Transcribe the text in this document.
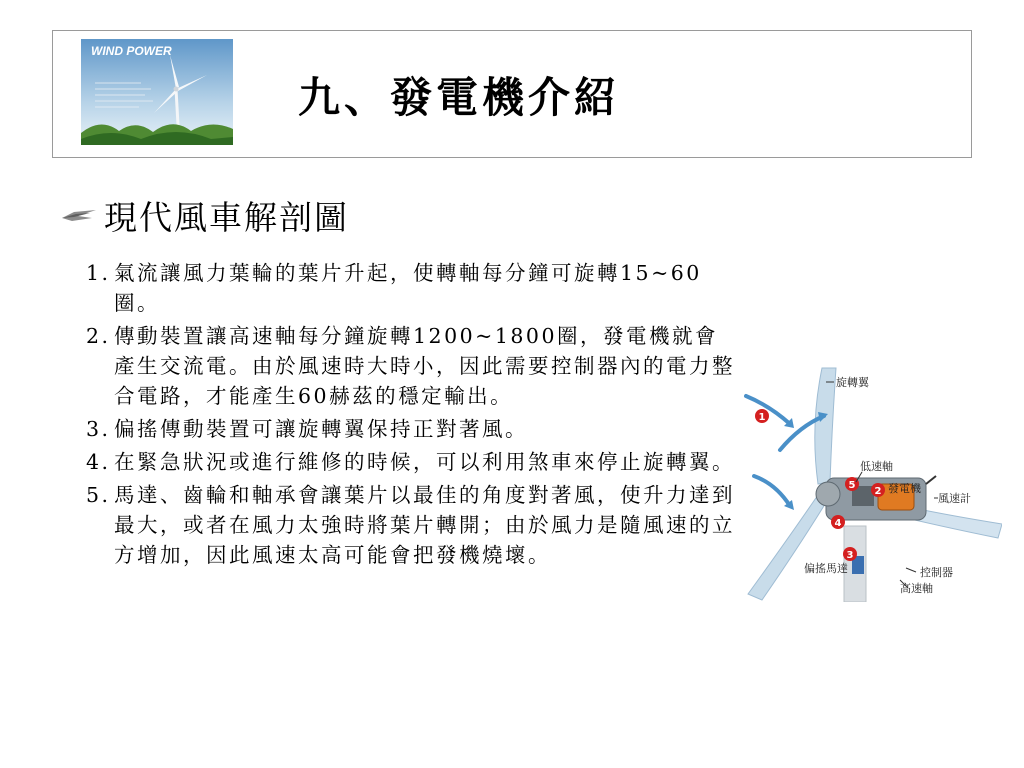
WIND POWER
九、發電機介紹
現代風車解剖圖
1. 氣流讓風力葉輪的葉片升起，使轉軸每分鐘可旋轉15~60圈。
2. 傳動裝置讓高速軸每分鐘旋轉1200~1800圈，發電機就會產生交流電。由於風速時大時小，因此需要控制器內的電力整合電路，才能產生60赫茲的穩定輸出。
3. 偏搖傳動裝置可讓旋轉翼保持正對著風。
4. 在緊急狀況或進行維修的時候，可以利用煞車來停止旋轉翼。
5. 馬達、齒輪和軸承會讓葉片以最佳的角度對著風，使升力達到最大，或者在風力太強時將葉片轉開；由於風力是隨風速的立方增加，因此風速太高可能會把發機燒壞。
1
2
3
4
5
旋轉翼
低速軸
發電機
風速計
偏搖馬達	控制器
高速軸
